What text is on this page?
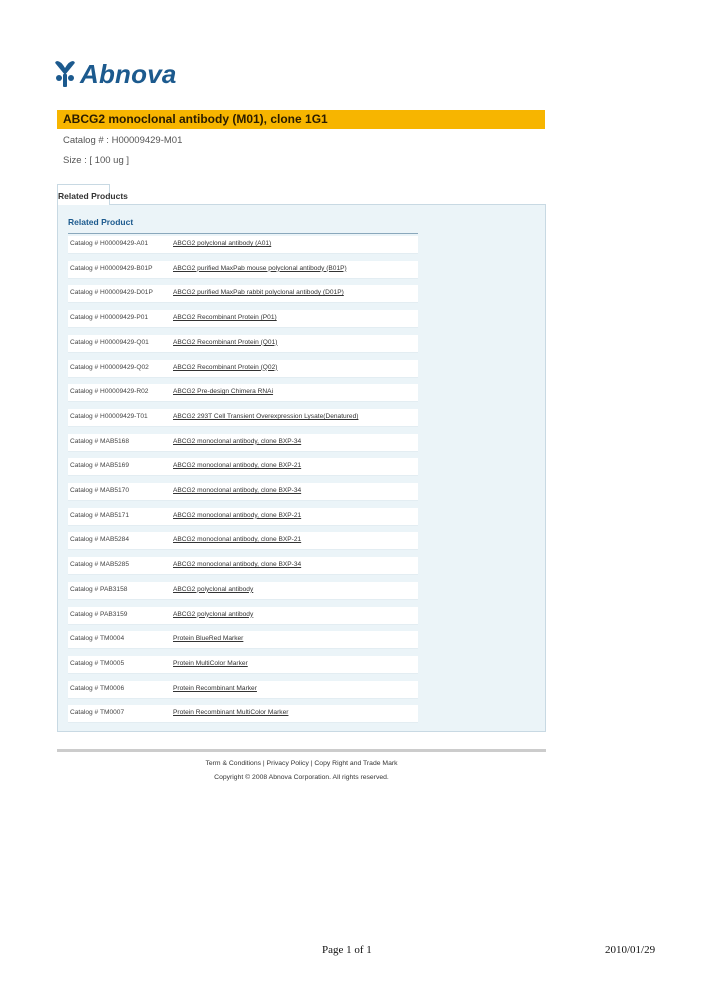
Abnova
ABCG2 monoclonal antibody (M01), clone 1G1
Catalog # : H00009429-M01
Size : [ 100 ug ]
Related Products
Related Product
Catalog # H00009429-A01	ABCG2 polyclonal antibody (A01)
Catalog # H00009429-B01P	ABCG2 purified MaxPab mouse polyclonal antibody (B01P)
Catalog # H00009429-D01P	ABCG2 purified MaxPab rabbit polyclonal antibody (D01P)
Catalog # H00009429-P01	ABCG2 Recombinant Protein (P01)
Catalog # H00009429-Q01	ABCG2 Recombinant Protein (Q01)
Catalog # H00009429-Q02	ABCG2 Recombinant Protein (Q02)
Catalog # H00009429-R02	ABCG2 Pre-design Chimera RNAi
Catalog # H00009429-T01	ABCG2 293T Cell Transient Overexpression Lysate(Denatured)
Catalog # MAB5168	ABCG2 monoclonal antibody, clone BXP-34
Catalog # MAB5169	ABCG2 monoclonal antibody, clone BXP-21
Catalog # MAB5170	ABCG2 monoclonal antibody, clone BXP-34
Catalog # MAB5171	ABCG2 monoclonal antibody, clone BXP-21
Catalog # MAB5284	ABCG2 monoclonal antibody, clone BXP-21
Catalog # MAB5285	ABCG2 monoclonal antibody, clone BXP-34
Catalog # PAB3158	ABCG2 polyclonal antibody
Catalog # PAB3159	ABCG2 polyclonal antibody
Catalog # TM0004	Protein BlueRed Marker
Catalog # TM0005	Protein MultiColor Marker
Catalog # TM0006	Protein Recombinant Marker
Catalog # TM0007	Protein Recombinant MultiColor Marker
Term & Conditions | Privacy Policy | Copy Right and Trade Mark
Copyright © 2008 Abnova Corporation. All rights reserved.
Page 1 of 1	2010/01/29
